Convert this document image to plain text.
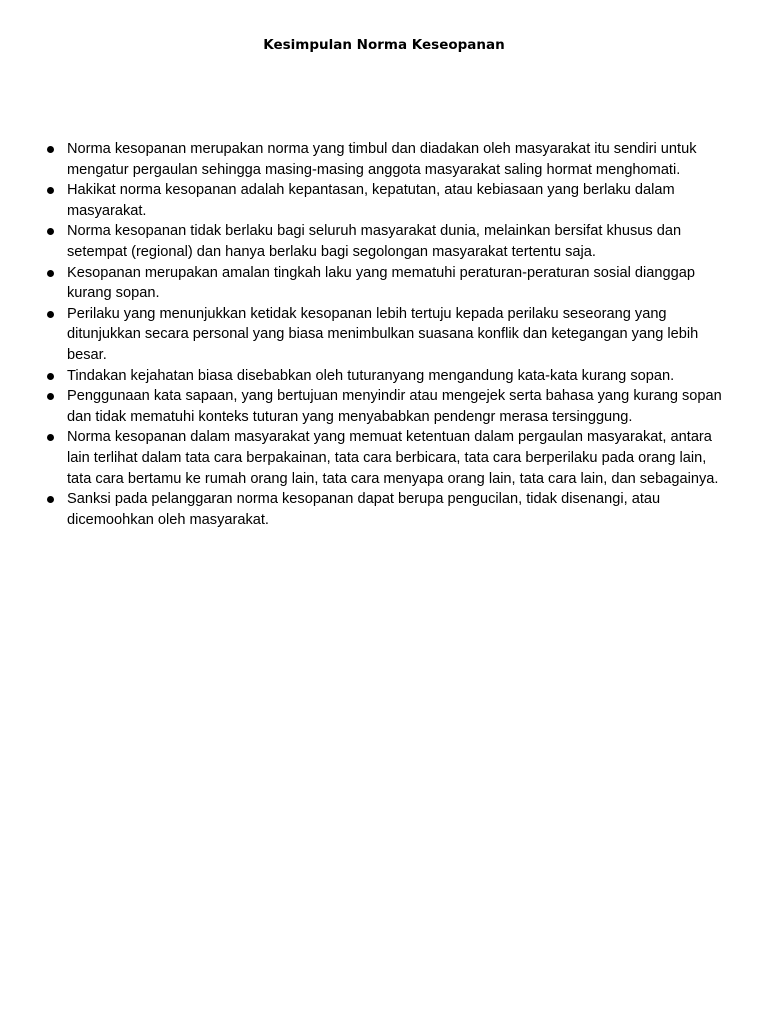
Kesimpulan Norma Keseopanan
Norma kesopanan merupakan norma yang timbul dan diadakan oleh masyarakat itu sendiri untuk mengatur pergaulan sehingga masing-masing anggota masyarakat saling hormat menghomati.
Hakikat norma kesopanan adalah kepantasan, kepatutan, atau kebiasaan yang berlaku dalam masyarakat.
Norma kesopanan tidak berlaku bagi seluruh masyarakat dunia, melainkan bersifat khusus dan setempat (regional) dan hanya berlaku bagi segolongan masyarakat tertentu saja.
Kesopanan merupakan amalan tingkah laku yang mematuhi peraturan-peraturan sosial dianggap kurang sopan.
Perilaku yang menunjukkan ketidak kesopanan lebih tertuju kepada perilaku seseorang yang ditunjukkan secara personal yang biasa menimbulkan suasana konflik dan ketegangan yang lebih besar.
Tindakan kejahatan biasa disebabkan oleh tuturanyang mengandung kata-kata kurang sopan.
Penggunaan kata sapaan, yang bertujuan menyindir atau mengejek serta bahasa yang kurang sopan dan tidak mematuhi konteks tuturan yang menyababkan pendengr merasa tersinggung.
Norma kesopanan dalam masyarakat yang memuat ketentuan dalam pergaulan masyarakat, antara lain terlihat dalam tata cara berpakainan, tata cara berbicara, tata cara berperilaku pada orang lain, tata cara bertamu ke rumah orang lain, tata cara menyapa orang lain, tata cara lain, dan sebagainya.
Sanksi pada pelanggaran norma kesopanan dapat berupa pengucilan, tidak disenangi, atau dicemoohkan oleh masyarakat.
